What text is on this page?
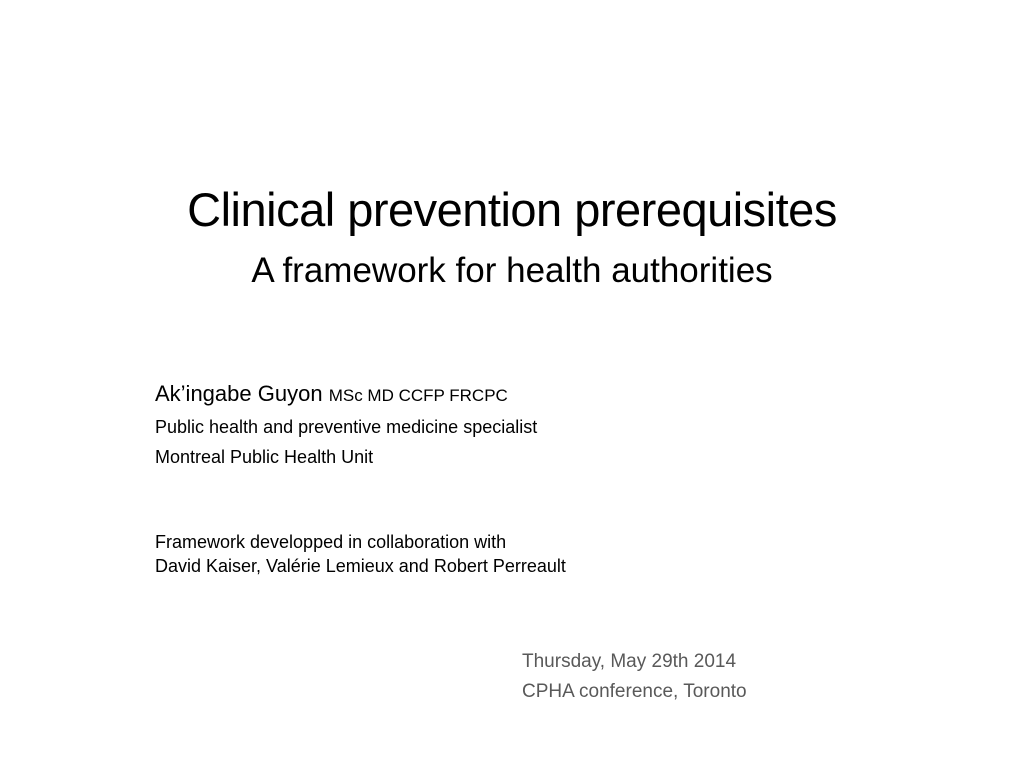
Clinical prevention prerequisites
A framework for health authorities
Ak’ingabe Guyon MSc MD CCFP FRCPC
Public health and preventive medicine specialist
Montreal Public Health Unit
Framework developped in collaboration with
David Kaiser, Valérie Lemieux and Robert Perreault
Thursday, May 29th 2014
CPHA conference, Toronto
